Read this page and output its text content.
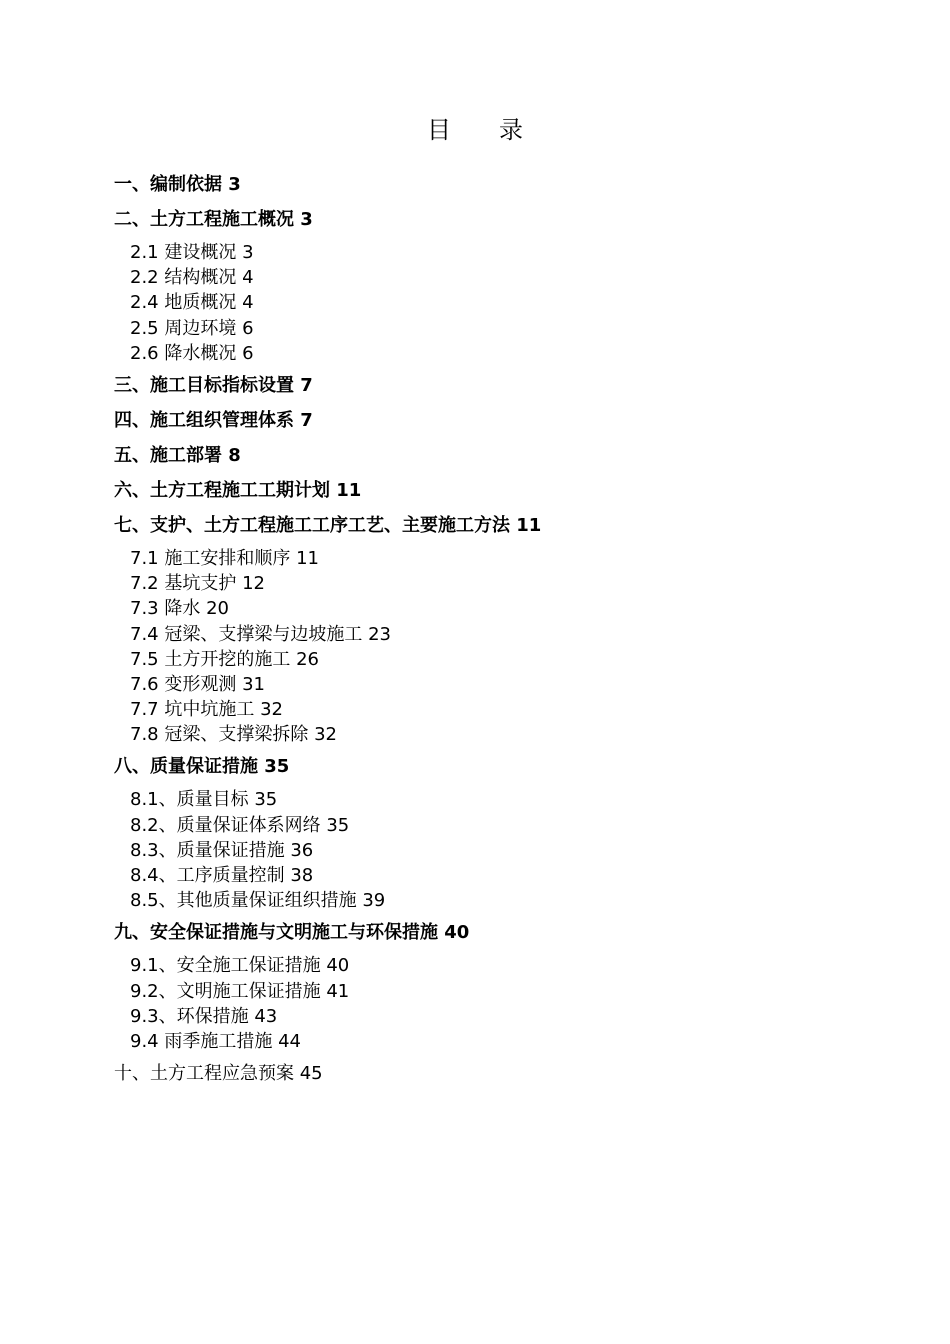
目 录
一、编制依据 3
二、土方工程施工概况 3
2.1 建设概况 3
2.2 结构概况 4
2.4 地质概况 4
2.5 周边环境 6
2.6 降水概况 6
三、施工目标指标设置 7
四、施工组织管理体系 7
五、施工部署 8
六、土方工程施工工期计划 11
七、支护、土方工程施工工序工艺、主要施工方法 11
7.1 施工安排和顺序 11
7.2 基坑支护 12
7.3 降水 20
7.4 冠梁、支撑梁与边坡施工 23
7.5 土方开挖的施工 26
7.6 变形观测 31
7.7 坑中坑施工 32
7.8 冠梁、支撑梁拆除 32
八、质量保证措施 35
8.1、质量目标 35
8.2、质量保证体系网络 35
8.3、质量保证措施 36
8.4、工序质量控制 38
8.5、其他质量保证组织措施 39
九、安全保证措施与文明施工与环保措施 40
9.1、安全施工保证措施 40
9.2、文明施工保证措施 41
9.3、环保措施 43
9.4 雨季施工措施 44
十、土方工程应急预案 45
